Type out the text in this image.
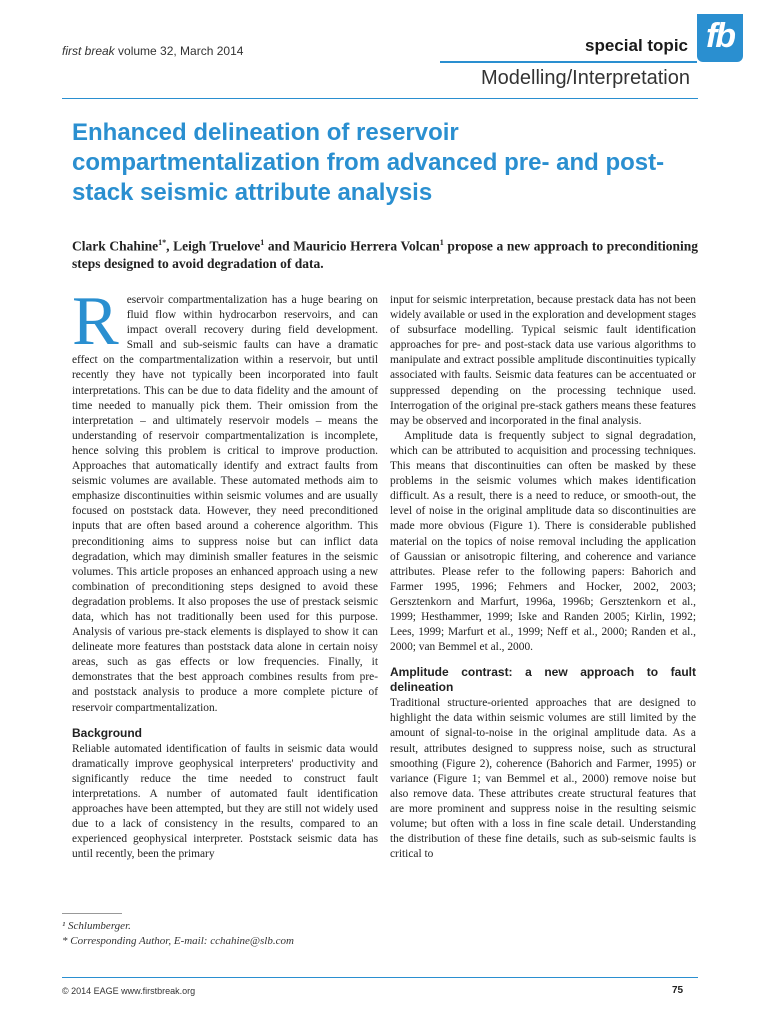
first break volume 32, March 2014	special topic fb
Modelling/Interpretation
Enhanced delineation of reservoir compartmentalization from advanced pre- and post-stack seismic attribute analysis

Clark Chahine$^{1*}$, Leigh Truelove$^1$ and Mauricio Herrera Volcan$^1$ propose a new approach to preconditioning steps designed to avoid degradation of data.

Reservoir compartmentalization has a huge bearing on fluid flow within hydrocarbon reservoirs, and can impact overall recovery during field development. Small and sub-seismic faults can have a dramatic effect on the compartmentalization within a reservoir, but until recently they have not typically been incorporated into fault interpretations. This can be due to data fidelity and the amount of time needed to manually pick them. Their omission from the interpretation – and ultimately reservoir models – means the understanding of reservoir compartmentalization is incomplete, hence solving this problem is critical to improve production. Approaches that automatically identify and extract faults from seismic volumes are available. These automated methods aim to emphasize discontinuities within seismic volumes and are usually focused on poststack data. However, they need preconditioned inputs that are often based around a coherence algorithm. This preconditioning aims to suppress noise but can inflict data degradation, which may diminish smaller features in the seismic volumes. This article proposes an enhanced approach using a new combination of preconditioning steps designed to avoid these degradation problems. It also proposes the use of prestack seismic data, which has not traditionally been used for this purpose. Analysis of various pre-stack elements is displayed to show it can delineate more features than poststack data alone in certain noisy areas, such as gas effects or low frequencies. Finally, it demonstrates that the best approach combines results from pre- and poststack analysis to produce a more complete picture of reservoir compartmentalization.

Background

Reliable automated identification of faults in seismic data would dramatically improve geophysical interpreters' productivity and significantly reduce the time needed to construct fault interpretations. A number of automated fault identification approaches have been attempted, but they are still not widely used due to a lack of consistency in the results, compared to an experienced geophysical interpreter. Poststack seismic data has until recently, been the primary

input for seismic interpretation, because prestack data has not been widely available or used in the exploration and development stages of subsurface modelling. Typical seismic fault identification approaches for pre- and post-stack data use various algorithms to manipulate and extract possible amplitude discontinuities typically associated with faults. Seismic data features can be accentuated or suppressed depending on the processing technique used. Interrogation of the original pre-stack gathers means these features may be observed and incorporated in the final analysis.

Amplitude data is frequently subject to signal degradation, which can be attributed to acquisition and processing techniques. This means that discontinuities can often be masked by these problems in the seismic volumes which makes identification difficult. As a result, there is a need to reduce, or smooth-out, the level of noise in the original amplitude data so discontinuities are made more obvious (Figure 1). There is considerable published material on the topics of noise removal including the application of Gaussian or anisotropic filtering, and coherence and variance attributes. Please refer to the following papers: Bahorich and Farmer 1995, 1996; Fehmers and Hocker, 2002, 2003; Gersztenkorn and Marfurt, 1996a, 1996b; Gersztenkorn et al., 1999; Hesthammer, 1999; Iske and Randen 2005; Kirlin, 1992; Lees, 1999; Marfurt et al., 1999; Neff et al., 2000; Randen et al., 2000; van Bemmel et al., 2000.

Amplitude contrast: a new approach to fault delineation

Traditional structure-oriented approaches that are designed to highlight the data within seismic volumes are still limited by the amount of signal-to-noise in the original amplitude data. As a result, attributes designed to suppress noise, such as structural smoothing (Figure 2), coherence (Bahorich and Farmer, 1995) or variance (Figure 1; van Bemmel et al., 2000) remove noise but also remove data. These attributes create structural features that are more prominent and suppress noise in the resulting seismic volume; but often with a loss in fine scale detail. Understanding the distribution of these fine details, such as sub-seismic faults is critical to

¹ Schlumberger.
* Corresponding Author, E-mail: cchahine@slb.com
© 2014 EAGE www.firstbreak.org	75
